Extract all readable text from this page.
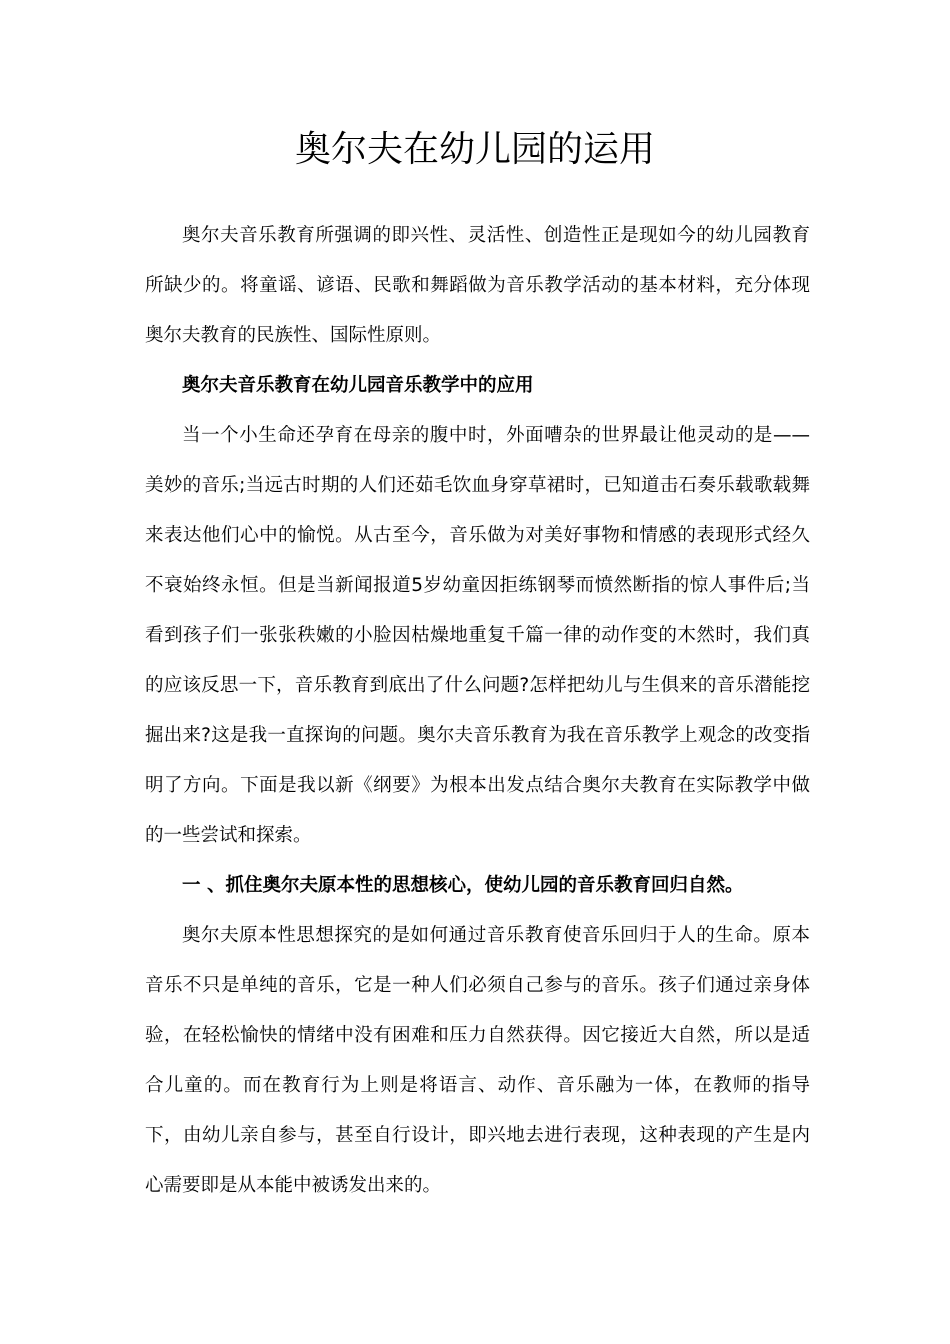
奥尔夫在幼儿园的运用

奥尔夫音乐教育所强调的即兴性、灵活性、创造性正是现如今的幼儿园教育所缺少的。将童谣、谚语、民歌和舞蹈做为音乐教学活动的基本材料，充分体现奥尔夫教育的民族性、国际性原则。

奥尔夫音乐教育在幼儿园音乐教学中的应用

当一个小生命还孕育在母亲的腹中时，外面嘈杂的世界最让他灵动的是——美妙的音乐;当远古时期的人们还茹毛饮血身穿草裙时，已知道击石奏乐载歌载舞来表达他们心中的愉悦。从古至今，音乐做为对美好事物和情感的表现形式经久不衰始终永恒。但是当新闻报道5岁幼童因拒练钢琴而愤然断指的惊人事件后;当看到孩子们一张张秩嫩的小脸因枯燥地重复千篇一律的动作变的木然时，我们真的应该反思一下，音乐教育到底出了什么问题?怎样把幼儿与生俱来的音乐潜能挖掘出来?这是我一直探询的问题。奥尔夫音乐教育为我在音乐教学上观念的改变指明了方向。下面是我以新《纲要》为根本出发点结合奥尔夫教育在实际教学中做的一些尝试和探索。

一 、抓住奥尔夫原本性的思想核心，使幼儿园的音乐教育回归自然。

奥尔夫原本性思想探究的是如何通过音乐教育使音乐回归于人的生命。原本音乐不只是单纯的音乐，它是一种人们必须自己参与的音乐。孩子们通过亲身体验，在轻松愉快的情绪中没有困难和压力自然获得。因它接近大自然，所以是适合儿童的。而在教育行为上则是将语言、动作、音乐融为一体，在教师的指导下，由幼儿亲自参与，甚至自行设计，即兴地去进行表现，这种表现的产生是内心需要即是从本能中被诱发出来的。
